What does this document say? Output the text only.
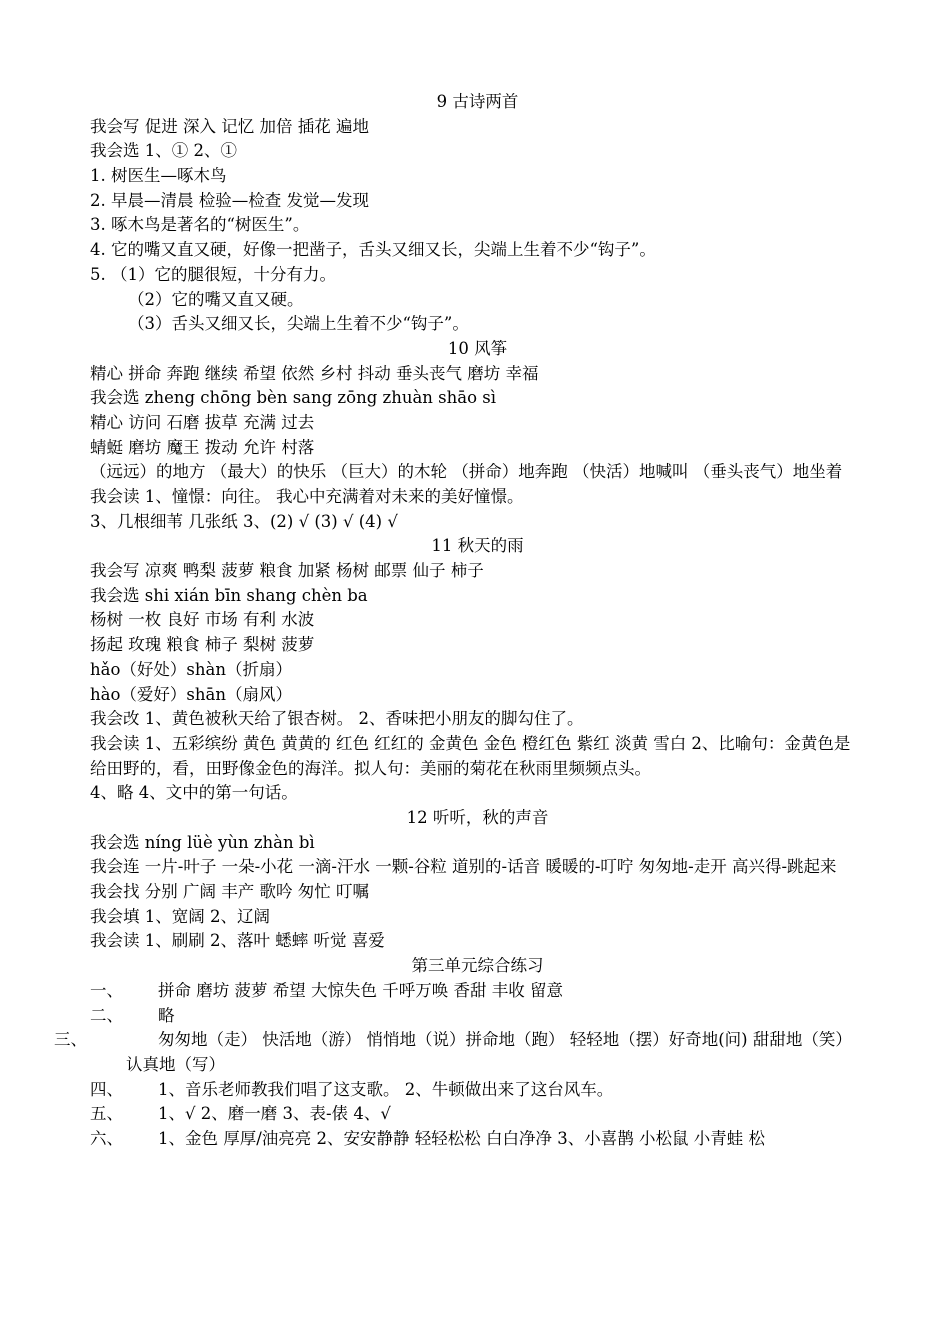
9 古诗两首
我会写 促进 深入 记忆 加倍 插花 遍地
我会选 1、① 2、①
1. 树医生—啄木鸟
2. 早晨—清晨 检验—检查 发觉—发现
3. 啄木鸟是著名的“树医生”。
4. 它的嘴又直又硬，好像一把凿子，舌头又细又长，尖端上生着不少“钩子”。
5. （1）它的腿很短，十分有力。
（2）它的嘴又直又硬。
（3）舌头又细又长，尖端上生着不少“钩子”。
10 风筝
精心 拼命 奔跑 继续 希望 依然 乡村 抖动 垂头丧气 磨坊 幸福
我会选 zheng chōng bèn sang zōng zhuàn shāo sì
精心 访问 石磨 拔草 充满 过去
蜻蜓 磨坊 魔王 拨动 允许 村落
（远远）的地方 （最大）的快乐 （巨大）的木轮 （拼命）地奔跑 （快活）地喊叫 （垂头丧气）地坐着
我会读 1、憧憬：向往。 我心中充满着对未来的美好憧憬。
3、几根细苇 几张纸 3、(2) √ (3) √ (4) √
11 秋天的雨
我会写 凉爽 鸭梨 菠萝 粮食 加紧 杨树 邮票 仙子 柿子
我会选 shi xián bīn shang chèn ba
杨树 一枚 良好 市场 有利 水波
扬起 玫瑰 粮食 柿子 梨树 菠萝
hǎo（好处）shàn（折扇）
hào（爱好）shān（扇风）
我会改 1、黄色被秋天给了银杏树。 2、香味把小朋友的脚勾住了。
我会读 1、五彩缤纷 黄色 黄黄的 红色 红红的 金黄色 金色 橙红色 紫红 淡黄 雪白 2、比喻句：金黄色是给田野的，看，田野像金色的海洋。拟人句：美丽的菊花在秋雨里频频点头。
4、略 4、文中的第一句话。
12 听听，秋的声音
我会选 níng lüè yùn zhàn bì
我会连 一片-叶子 一朵-小花 一滴-汗水 一颗-谷粒 道别的-话音 暖暖的-叮咛 匆匆地-走开 高兴得-跳起来
我会找 分别 广阔 丰产 歌吟 匆忙 叮嘱
我会填 1、宽阔 2、辽阔
我会读 1、刷刷 2、落叶 蟋蟀 听觉 喜爱
第三单元综合练习
一、 拼命 磨坊 菠萝 希望 大惊失色 千呼万唤 香甜 丰收 留意
二、 略
三、	匆匆地（走） 快活地（游） 悄悄地（说）拼命地（跑） 轻轻地（摆）好奇地(问) 甜甜地（笑） 认真地（写）
四、 1、音乐老师教我们唱了这支歌。 2、牛顿做出来了这台风车。
五、 1、√ 2、磨一磨 3、表-俵 4、√
六、 1、金色 厚厚/油亮亮 2、安安静静 轻轻松松 白白净净 3、小喜鹊 小松鼠 小青蛙 松
